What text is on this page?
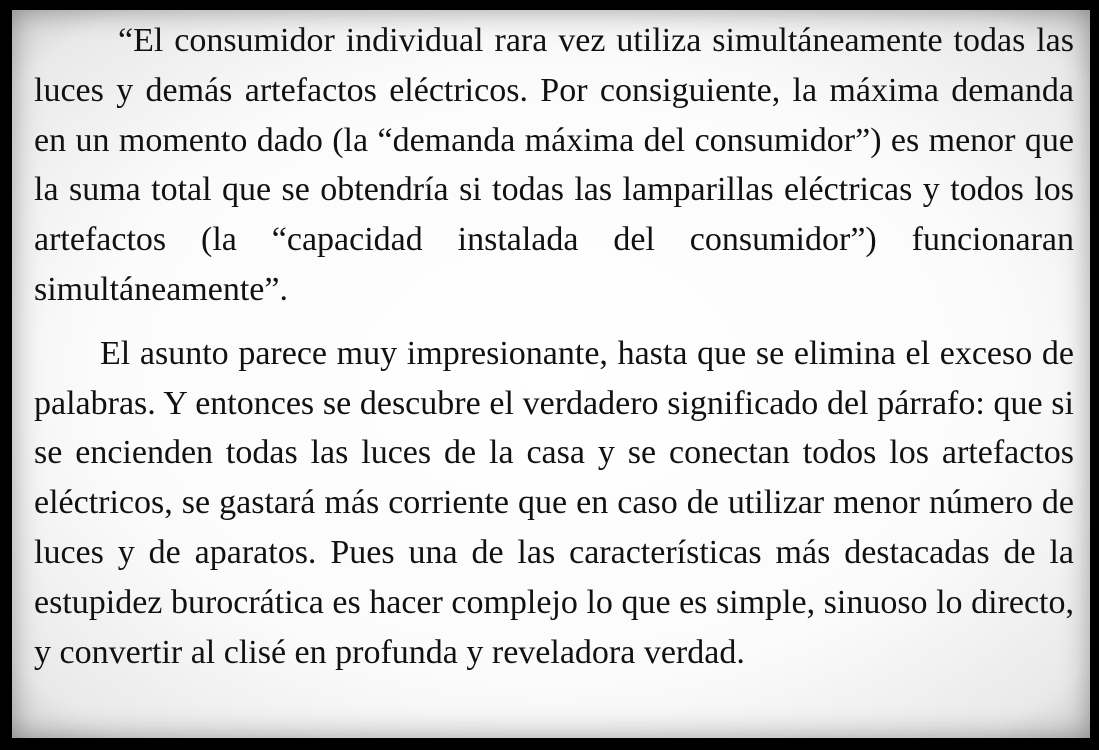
“El consumidor individual rara vez utiliza simultáneamente todas las luces y demás artefactos eléctricos. Por consiguiente, la máxima demanda en un momento dado (la “demanda máxima del consumidor”) es menor que la suma total que se obtendría si todas las lamparillas eléctricas y todos los artefactos (la “capacidad instalada del consumidor”) funcionaran simultáneamente”.

El asunto parece muy impresionante, hasta que se elimina el exceso de palabras. Y entonces se descubre el verdadero significado del párrafo: que si se encienden todas las luces de la casa y se conectan todos los artefactos eléctricos, se gastará más corriente que en caso de utilizar menor número de luces y de aparatos. Pues una de las características más destacadas de la estupidez burocrática es hacer complejo lo que es simple, sinuoso lo directo, y convertir al clisé en profunda y reveladora verdad.
